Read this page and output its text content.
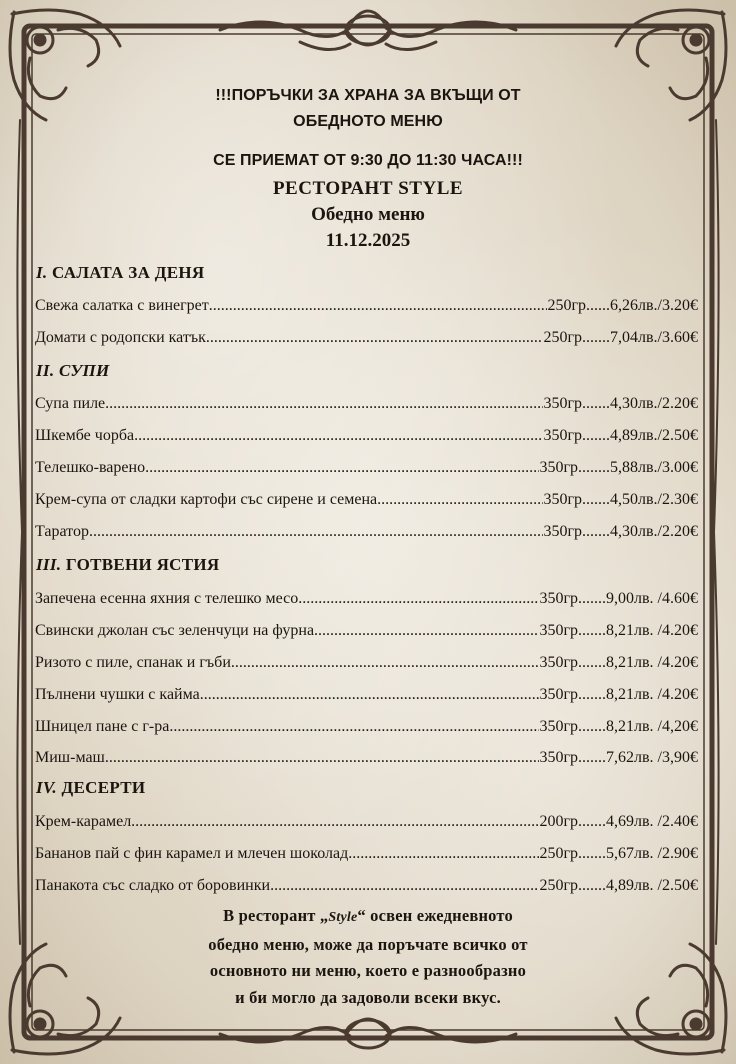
!!!ПОРЪЧКИ ЗА ХРАНА ЗА ВКЪЩИ ОТ
ОБЕДНОТО МЕНЮ
СЕ ПРИЕМАТ ОТ 9:30 ДО 11:30 ЧАСА!!!
РЕСТОРАНТ STYLE
Обедно меню
11.12.2025
I. САЛАТА ЗА ДЕНЯ
Свежа салатка с винегрет .....	250гр......6,26лв./3.20€
Домати с родопски катък .....	250гр.......7,04лв./3.60€
II. СУПИ
Супа пиле .....	350гр.......4,30лв./2.20€
Шкембе чорба .....	350гр.......4,89лв./2.50€
Телешко-варено .....	350гр........5,88лв./3.00€
Крем-супа от сладки картофи със сирене и семена .....	350гр.......4,50лв./2.30€
Таратор .....	350гр.......4,30лв./2.20€
III. ГОТВЕНИ ЯСТИЯ
Запечена есенна яхния с телешко месо .....	350гр.......9,00лв. /4.60€
Свински джолан със зеленчуци на фурна .....	350гр.......8,21лв. /4.20€
Ризото с пиле, спанак и гъби .....	350гр.......8,21лв. /4.20€
Пълнени чушки с кайма .....	350гр.......8,21лв. /4.20€
Шницел пане с г-ра .....	350гр.......8,21лв. /4,20€
Миш-маш .....	350гр.......7,62лв. /3,90€
IV. ДЕСЕРТИ
Крем-карамел .....	200гр.......4,69лв. /2.40€
Бананов пай с фин карамел и млечен шоколад .....	250гр.......5,67лв. /2.90€
Панакота със сладко от боровинки .....	250гр.......4,89лв. /2.50€
В ресторант „Style“ освен ежедневното
обедно меню, може да поръчате всичко от
основното ни меню, което е разнообразно
и би могло да задоволи всеки вкус.
